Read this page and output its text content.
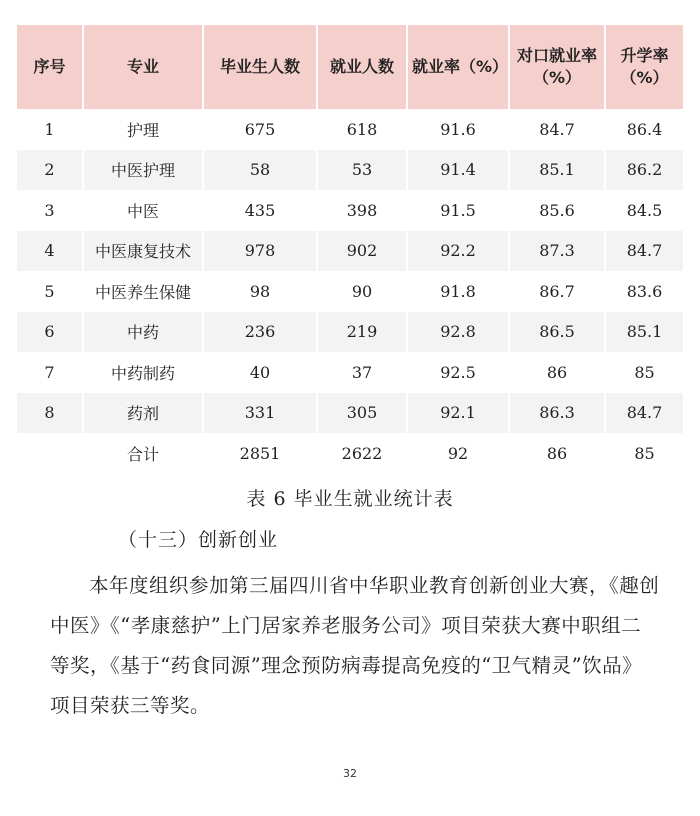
序号	专业	毕业生人数	就业人数	就业率（%）	对口就业率（%）	升学率（%）
1	护理	675	618	91.6	84.7	86.4
2	中医护理	58	53	91.4	85.1	86.2
3	中医	435	398	91.5	85.6	84.5
4	中医康复技术	978	902	92.2	87.3	84.7
5	中医养生保健	98	90	91.8	86.7	83.6
6	中药	236	219	92.8	86.5	85.1
7	中药制药	40	37	92.5	86	85
8	药剂	331	305	92.1	86.3	84.7
	合计	2851	2622	92	86	85
表 6 毕业生就业统计表
（十三）创新创业

本年度组织参加第三届四川省中华职业教育创新创业大赛，《趣创中医》《“孝康慈护”上门居家养老服务公司》项目荣获大赛中职组二等奖，《基于“药食同源”理念预防病毒提高免疫的“卫气精灵”饮品》项目荣获三等奖。

32
